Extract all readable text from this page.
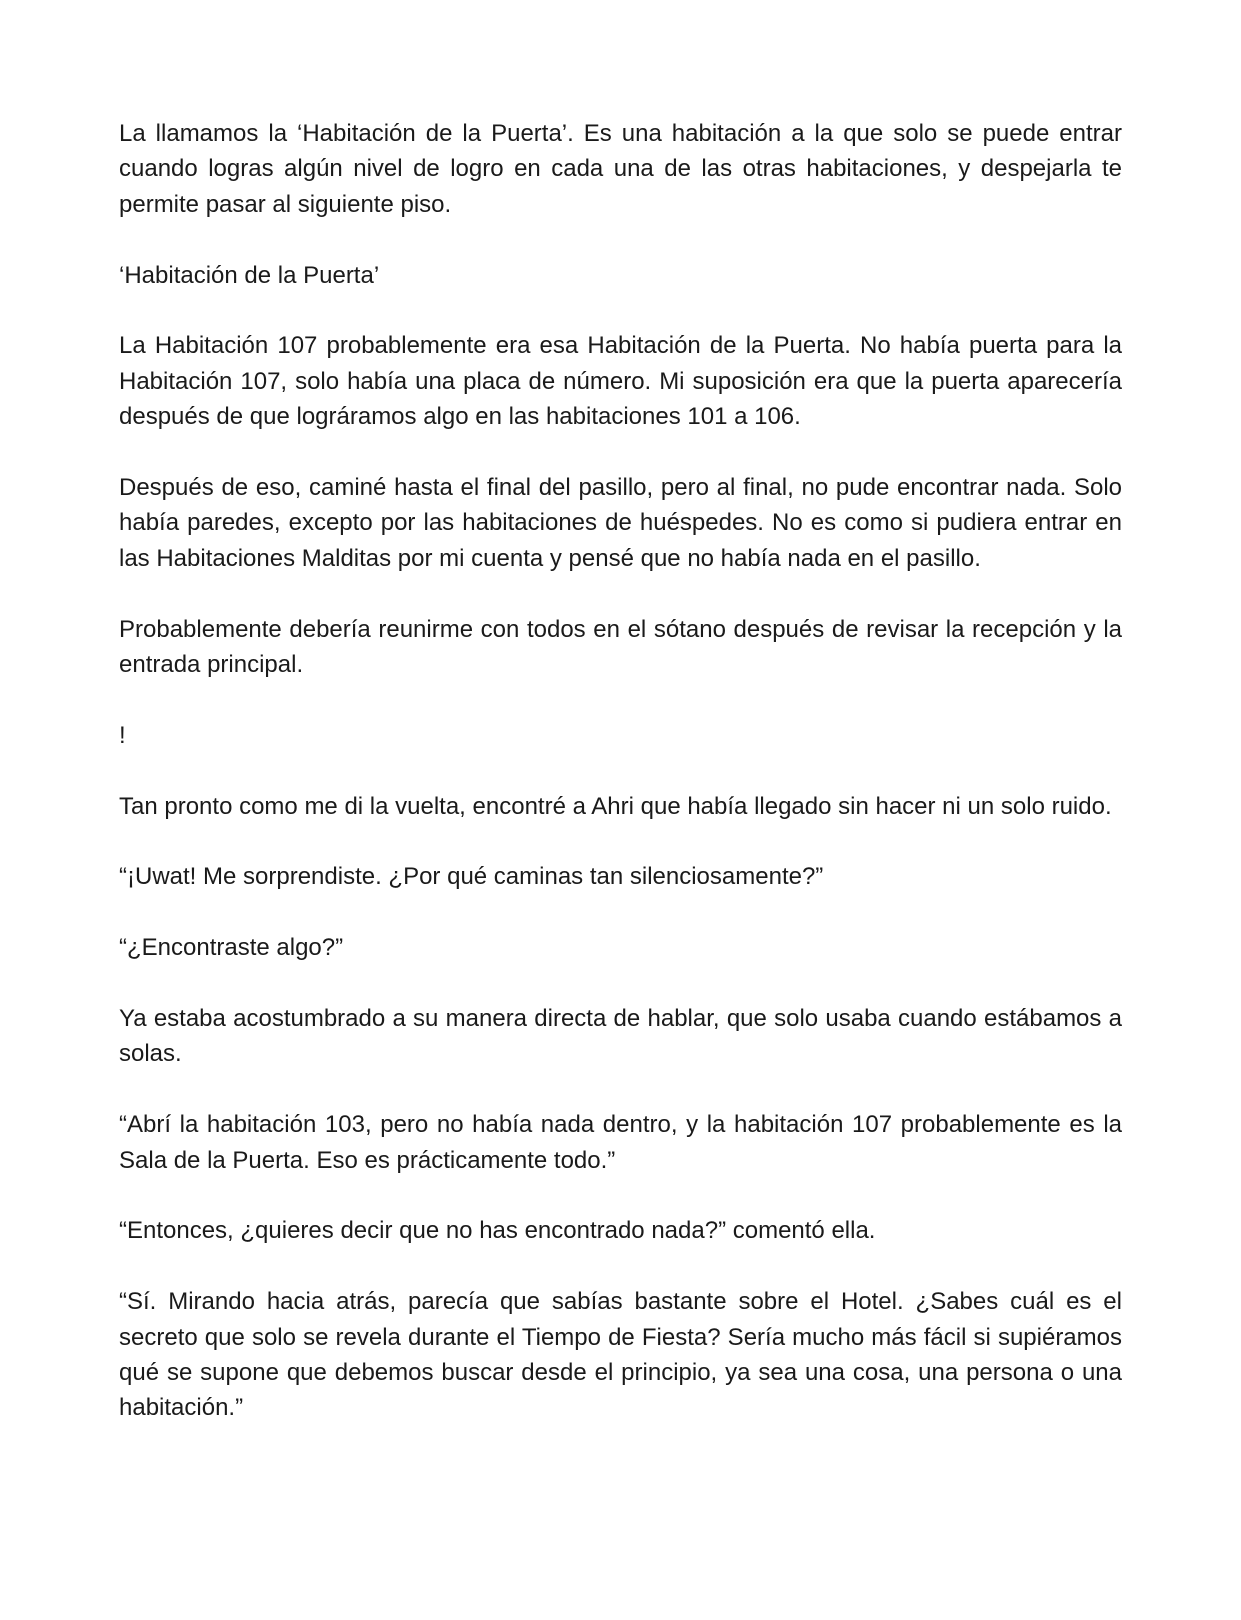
La llamamos la ‘Habitación de la Puerta’. Es una habitación a la que solo se puede entrar cuando logras algún nivel de logro en cada una de las otras habitaciones, y despejarla te permite pasar al siguiente piso.

‘Habitación de la Puerta’

La Habitación 107 probablemente era esa Habitación de la Puerta. No había puerta para la Habitación 107, solo había una placa de número. Mi suposición era que la puerta aparecería después de que lográramos algo en las habitaciones 101 a 106.

Después de eso, caminé hasta el final del pasillo, pero al final, no pude encontrar nada. Solo había paredes, excepto por las habitaciones de huéspedes. No es como si pudiera entrar en las Habitaciones Malditas por mi cuenta y pensé que no había nada en el pasillo.

Probablemente debería reunirme con todos en el sótano después de revisar la recepción y la entrada principal.

!

Tan pronto como me di la vuelta, encontré a Ahri que había llegado sin hacer ni un solo ruido.

“¡Uwat! Me sorprendiste. ¿Por qué caminas tan silenciosamente?”

“¿Encontraste algo?”

Ya estaba acostumbrado a su manera directa de hablar, que solo usaba cuando estábamos a solas.

“Abrí la habitación 103, pero no había nada dentro, y la habitación 107 probablemente es la Sala de la Puerta. Eso es prácticamente todo.”

“Entonces, ¿quieres decir que no has encontrado nada?” comentó ella.

“Sí. Mirando hacia atrás, parecía que sabías bastante sobre el Hotel. ¿Sabes cuál es el secreto que solo se revela durante el Tiempo de Fiesta? Sería mucho más fácil si supiéramos qué se supone que debemos buscar desde el principio, ya sea una cosa, una persona o una habitación.”
